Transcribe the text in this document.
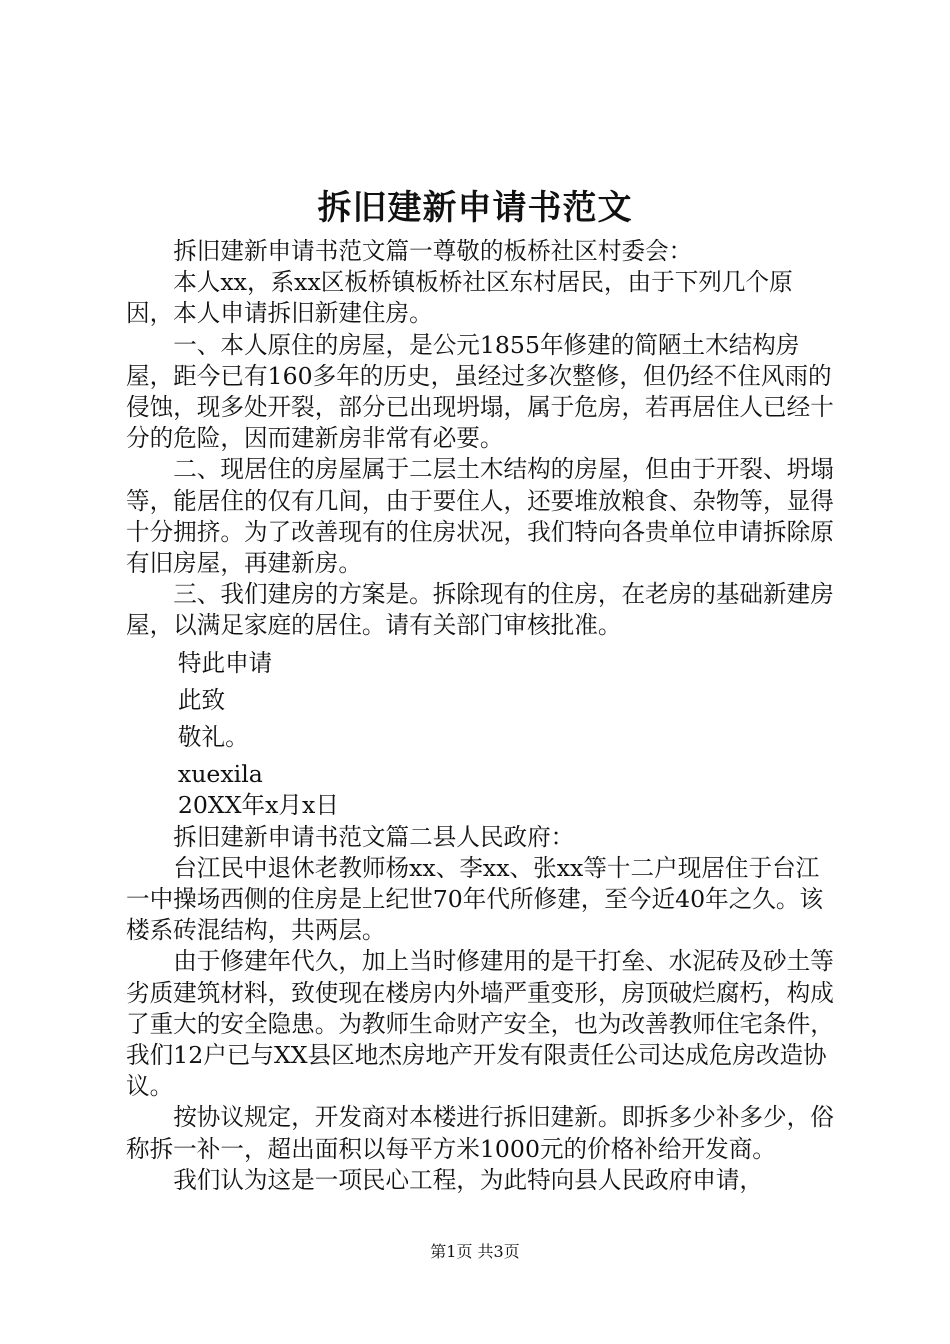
拆旧建新申请书范文

拆旧建新申请书范文篇一尊敬的板桥社区村委会：

本人xx，系xx区板桥镇板桥社区东村居民，由于下列几个原因，本人申请拆旧新建住房。

一、本人原住的房屋，是公元1855年修建的简陋土木结构房屋，距今已有160多年的历史，虽经过多次整修，但仍经不住风雨的侵蚀，现多处开裂，部分已出现坍塌，属于危房，若再居住人已经十分的危险，因而建新房非常有必要。

二、现居住的房屋属于二层土木结构的房屋，但由于开裂、坍塌等，能居住的仅有几间，由于要住人，还要堆放粮食、杂物等，显得十分拥挤。为了改善现有的住房状况，我们特向各贵单位申请拆除原有旧房屋，再建新房。

三、我们建房的方案是。拆除现有的住房，在老房的基础新建房屋，以满足家庭的居住。请有关部门审核批准。

特此申请

此致

敬礼。

xuexila

20XX年x月x日

拆旧建新申请书范文篇二县人民政府：

台江民中退休老教师杨xx、李xx、张xx等十二户现居住于台江一中操场西侧的住房是上纪世70年代所修建，至今近40年之久。该楼系砖混结构，共两层。

由于修建年代久，加上当时修建用的是干打垒、水泥砖及砂土等劣质建筑材料，致使现在楼房内外墙严重变形，房顶破烂腐朽，构成了重大的安全隐患。为教师生命财产安全，也为改善教师住宅条件，我们12户已与XX县区地杰房地产开发有限责任公司达成危房改造协议。

按协议规定，开发商对本楼进行拆旧建新。即拆多少补多少，俗称拆一补一，超出面积以每平方米1000元的价格补给开发商。

我们认为这是一项民心工程，为此特向县人民政府申请，

第1页 共3页
